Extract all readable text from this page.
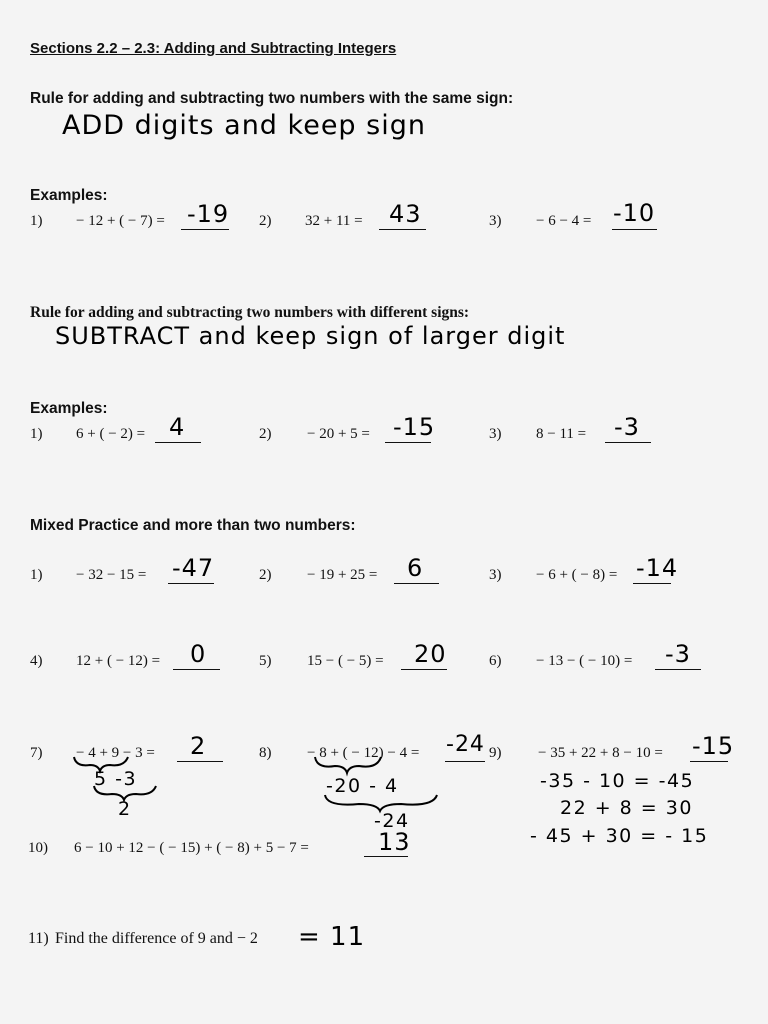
Sections 2.2 – 2.3: Adding and Subtracting Integers
Rule for adding and subtracting two numbers with the same sign:
ADD digits and keep sign
Examples:
1) − 12 + ( − 7) = -19 2) 32 + 11 = 43	3) − 6 − 4 = -10
Rule for adding and subtracting two numbers with different signs:
SUBTRACT and keep sign of larger digit
Examples:
1) 6 + ( − 2) = 4	2) − 20 + 5 = -15	3) 8 − 11 = -3
Mixed Practice and more than two numbers:
1) − 32 − 15 = -47	2) − 19 + 25 = 6	3) − 6 + ( − 8) = -14
4) 12 + ( − 12) = 0	5) 15 − ( − 5) = 20	6) − 13 − ( − 10) = -3
7) − 4 + 9 − 3 = 2	8) − 8 + ( − 12) − 4 = -24 9) − 35 + 22 + 8 − 10 = -15
5 -3
2
-20 - 4
-24
-35 - 10 = -45
22 + 8 = 30
- 45 + 30 = - 15
10) 6 − 10 + 12 − ( − 15) + ( − 8) + 5 − 7 =	13
11) Find the difference of 9 and − 2 = 11
